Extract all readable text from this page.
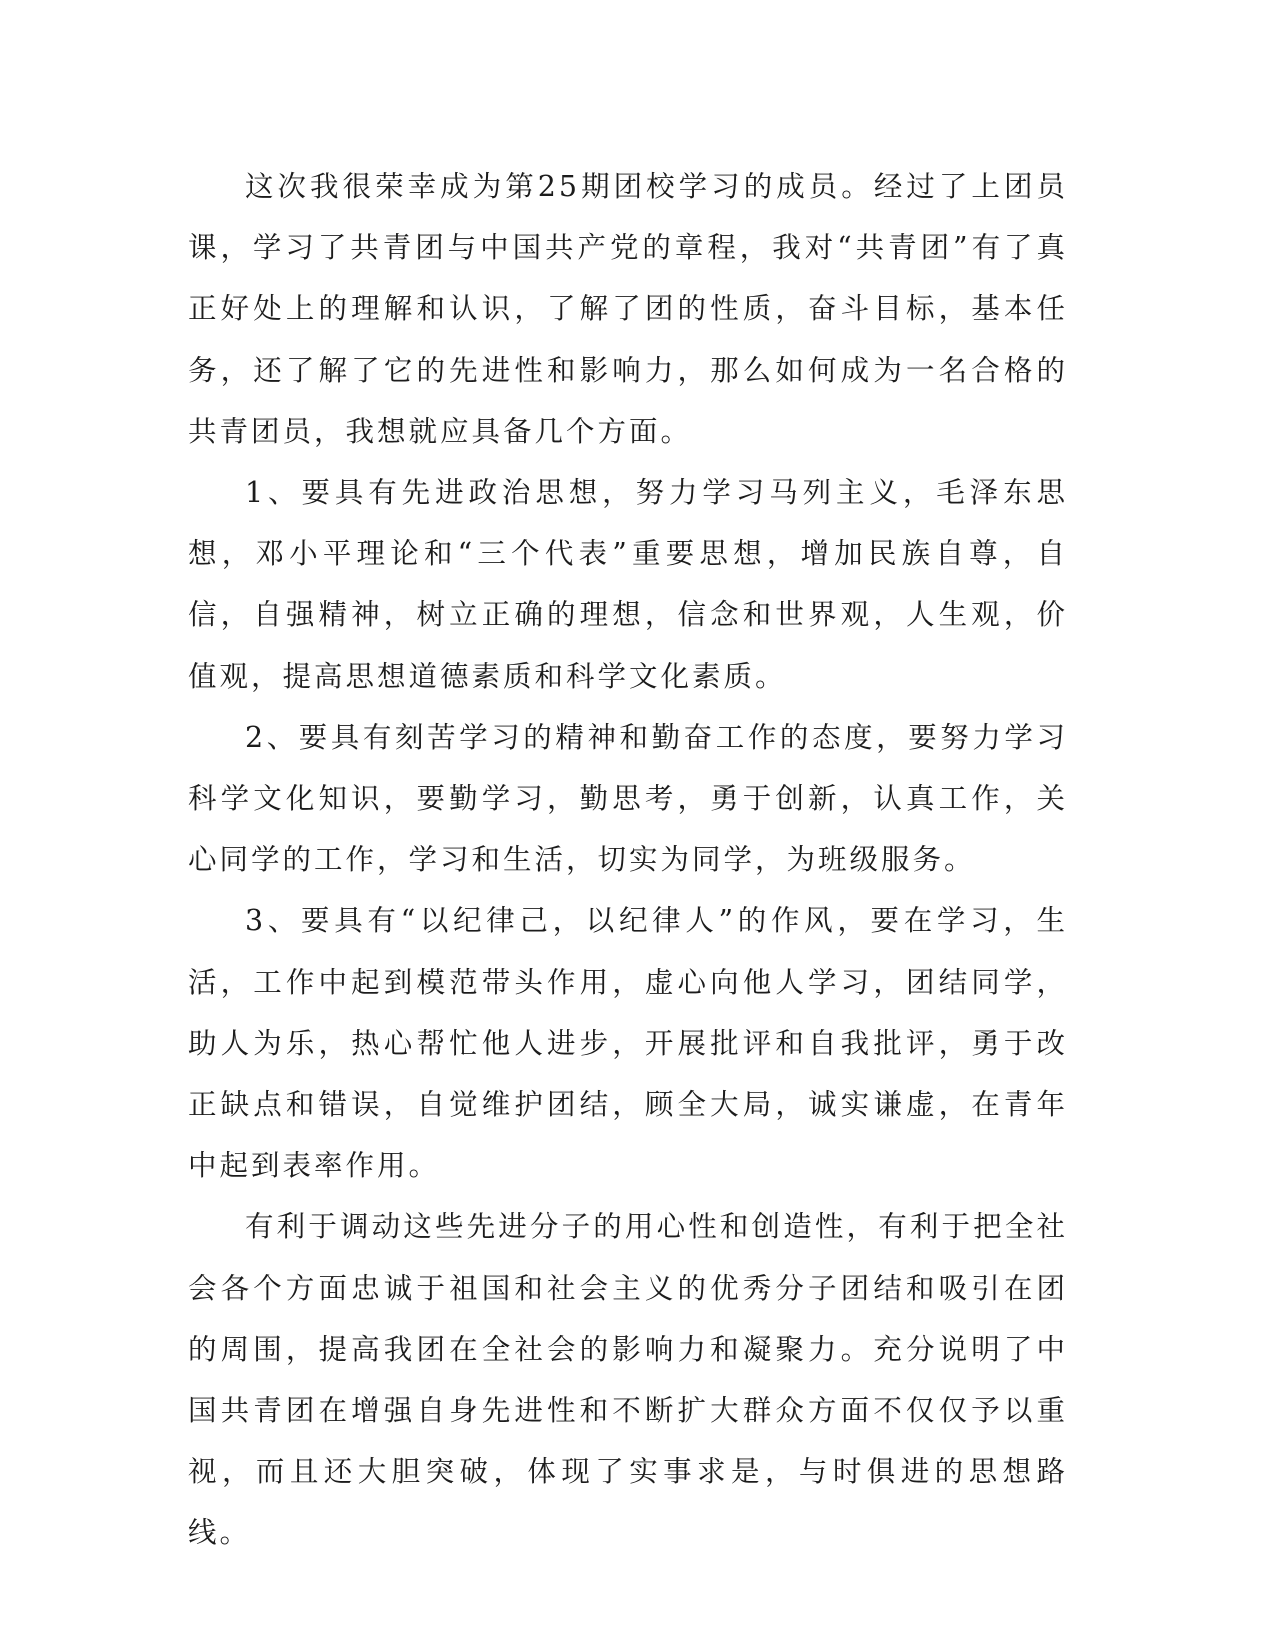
这次我很荣幸成为第25期团校学习的成员。经过了上团员课，学习了共青团与中国共产党的章程，我对“共青团”有了真正好处上的理解和认识，了解了团的性质，奋斗目标，基本任务，还了解了它的先进性和影响力，那么如何成为一名合格的共青团员，我想就应具备几个方面。

1、要具有先进政治思想，努力学习马列主义，毛泽东思想，邓小平理论和“三个代表”重要思想，增加民族自尊，自信，自强精神，树立正确的理想，信念和世界观，人生观，价值观，提高思想道德素质和科学文化素质。

2、要具有刻苦学习的精神和勤奋工作的态度，要努力学习科学文化知识，要勤学习，勤思考，勇于创新，认真工作，关心同学的工作，学习和生活，切实为同学，为班级服务。

3、要具有“以纪律己，以纪律人”的作风，要在学习，生活，工作中起到模范带头作用，虚心向他人学习，团结同学，助人为乐，热心帮忙他人进步，开展批评和自我批评，勇于改正缺点和错误，自觉维护团结，顾全大局，诚实谦虚，在青年中起到表率作用。

有利于调动这些先进分子的用心性和创造性，有利于把全社会各个方面忠诚于祖国和社会主义的优秀分子团结和吸引在团的周围，提高我团在全社会的影响力和凝聚力。充分说明了中国共青团在增强自身先进性和不断扩大群众方面不仅仅予以重视，而且还大胆突破，体现了实事求是，与时俱进的思想路线。
